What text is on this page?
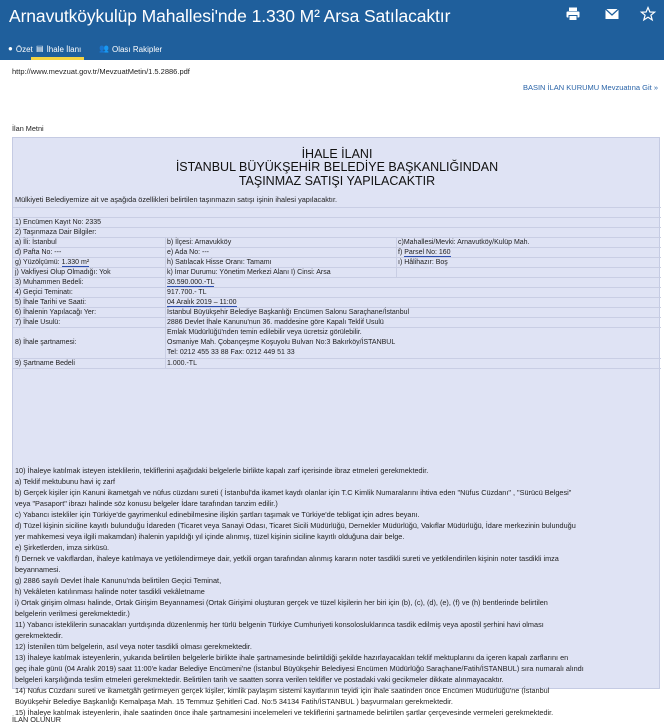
Arnavutköykulüp Mahallesi'nde 1.330 M² Arsa Satılacaktır
● Özet ▤ İhale İlanı 👥 Olası Rakipler
http://www.mevzuat.gov.tr/MevzuatMetin/1.5.2886.pdf
BASIN İLAN KURUMU Mevzuatına Git »
İlan Metni
İHALE İLANI
İSTANBUL BÜYÜKŞEHİR BELEDİYE BAŞKANLIĞINDAN
TAŞINMAZ SATIŞI YAPILACAKTIR
Mülkiyeti Belediyemize ait ve aşağıda özellikleri belirtilen taşınmazın satışı işinin ihalesi yapılacaktır.
1) Encümen Kayıt No: 2335
2) Taşınmaza Dair Bilgiler:
a) İli: İstanbul	b) İlçesi: Arnavukköy	c)Mahallesi/Mevki: Arnavutköy/Kulüp Mah.
d) Pafta No: ---	e) Ada No: ---	f) Parsel No: 160
g) Yüzölçümü: 1.330 m²	h) Satılacak Hisse Oranı: Tamamı	ı) Hâlihazır: Boş
j) Vakfiyesi Olup Olmadığı: Yok	k) İmar Durumu: Yönetim Merkezi Alanı I) Cinsi: Arsa
3) Muhammen Bedeli:	30.590.000.-TL
4) Geçici Teminatı:	917.700.- TL
5) İhale Tarihi ve Saati:	04 Aralık 2019 – 11:00
6) İhalenin Yapılacağı Yer:	İstanbul Büyükşehir Belediye Başkanlığı Encümen Salonu Saraçhane/İstanbul
7) İhale Usulü:	2886 Devlet İhale Kanunu'nun 36. maddesine göre Kapalı Teklif Usulü
8) İhale şartnamesi:
Emlak Müdürlüğü'nden temin edilebilir veya ücretsiz görülebilir.
Osmaniye Mah. Çobançeşme Koşuyolu Bulvarı No:3 Bakırköy/İSTANBUL
Tel: 0212 455 33 88 Fax: 0212 449 51 33
9) Şartname Bedeli	1.000.-TL

10) İhaleye katılmak isteyen isteklilerin, tekliflerini aşağıdaki belgelerle birlikte kapalı zarf içerisinde ibraz etmeleri gerekmektedir.

a) Teklif mektubunu havi iç zarf

b) Gerçek kişiler için Kanuni ikametgah ve nüfus cüzdanı sureti ( İstanbul'da ikamet kaydı olanlar için T.C Kimlik Numaralarını ihtiva eden "Nüfus Cüzdanı" , "Sürücü Belgesi"

veya "Pasaport" ibrazı halinde söz konusu belgeler İdare tarafından tanzim edilir.)

c) Yabancı istekliler için Türkiye'de gayrimenkul edinebilmesine ilişkin şartları taşımak ve Türkiye'de tebligat için adres beyanı.

d) Tüzel kişinin siciline kayıtlı bulunduğu İdareden (Ticaret veya Sanayi Odası, Ticaret Sicili Müdürlüğü, Dernekler Müdürlüğü, Vakıflar Müdürlüğü, İdare merkezinin bulunduğu

yer mahkemesi veya ilgili makamdan) ihalenin yapıldığı yıl içinde alınmış, tüzel kişinin siciline kayıtlı olduğuna dair belge.

e) Şirketlerden, imza sirküsü.

f) Dernek ve vakıflardan, ihaleye katılmaya ve yetkilendirmeye dair, yetkili organ tarafından alınmış kararın noter tasdikli sureti ve yetkilendirilen kişinin noter tasdikli imza

beyannamesi.

g) 2886 sayılı Devlet İhale Kanunu'nda belirtilen Geçici Teminat,

h) Vekâleten katılınması halinde noter tasdikli vekâletname

i) Ortak girişim olması halinde, Ortak Girişim Beyannamesi (Ortak Girişimi oluşturan gerçek ve tüzel kişilerin her biri için (b), (c), (d), (e), (f) ve (h) bentlerinde belirtilen

belgelerin verilmesi gerekmektedir.)

11) Yabancı isteklilerin sunacakları yurtdışında düzenlenmiş her türlü belgenin Türkiye Cumhuriyeti konsolosluklarınca tasdik edilmiş veya apostil şerhini havi olması

gerekmektedir.

12) İstenilen tüm belgelerin, asıl veya noter tasdikli olması gerekmektedir.

13) İhaleye katılmak isteyenlerin, yukarıda belirtilen belgelerle birlikte ihale şartnamesinde belirtildiği şekilde hazırlayacakları teklif mektuplarını da içeren kapalı zarflarını en

geç ihale günü (04 Aralık 2019) saat 11:00'e kadar Belediye Encümeni'ne (İstanbul Büyükşehir Belediyesi Encümen Müdürlüğü Saraçhane/Fatih/İSTANBUL) sıra numaralı alındı

belgeleri karşılığında teslim etmeleri gerekmektedir. Belirtilen tarih ve saatten sonra verilen teklifler ve postadaki vaki gecikmeler dikkate alınmayacaktır.

14) Nüfus Cüzdanı sureti ve ikametgâh getirmeyen gerçek kişiler, kimlik paylaşım sistemi kayıtlarının teyidi için ihale saatinden önce Encümen Müdürlüğü'ne (İstanbul

Büyükşehir Belediye Başkanlığı Kemalpaşa Mah. 15 Temmuz Şehitleri Cad. No:5 34134 Fatih/İSTANBUL ) başvurmaları gerekmektedir.

15) İhaleye katılmak isteyenlerin, ihale saatinden önce ihale şartnamesini incelemeleri ve tekliflerini şartnamede belirtilen şartlar çerçevesinde vermeleri gerekmektedir.

İLAN OLUNUR
